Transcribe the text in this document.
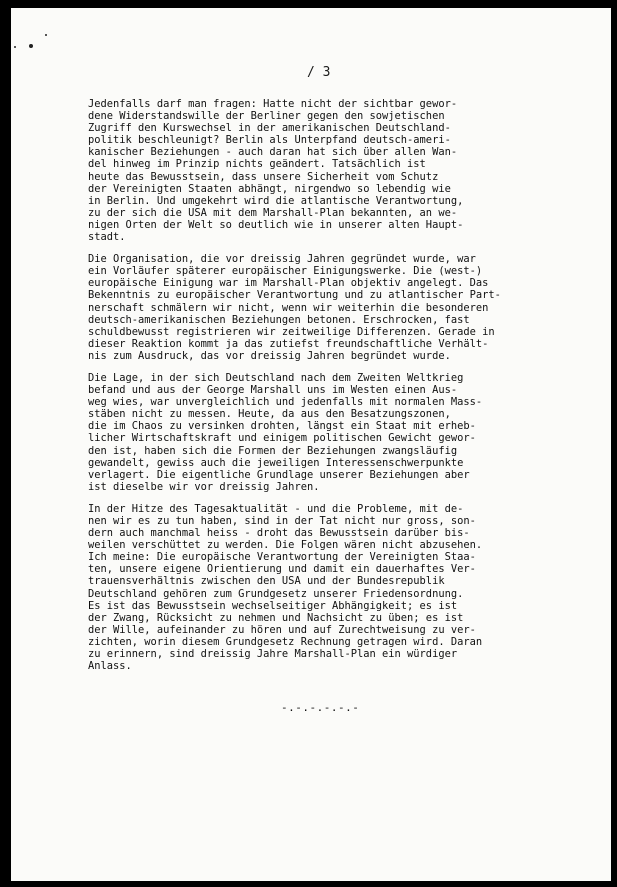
/ 3
Jedenfalls darf man fragen: Hatte nicht der sichtbar gewor-
dene Widerstandswille der Berliner gegen den sowjetischen
Zugriff den Kurswechsel in der amerikanischen Deutschland-
politik beschleunigt? Berlin als Unterpfand deutsch-ameri-
kanischer Beziehungen - auch daran hat sich über allen Wan-
del hinweg im Prinzip nichts geändert. Tatsächlich ist
heute das Bewusstsein, dass unsere Sicherheit vom Schutz
der Vereinigten Staaten abhängt, nirgendwo so lebendig wie
in Berlin. Und umgekehrt wird die atlantische Verantwortung,
zu der sich die USA mit dem Marshall-Plan bekannten, an we-
nigen Orten der Welt so deutlich wie in unserer alten Haupt-
stadt.
Die Organisation, die vor dreissig Jahren gegründet wurde, war
ein Vorläufer späterer europäischer Einigungswerke. Die (west-)
europäische Einigung war im Marshall-Plan objektiv angelegt. Das
Bekenntnis zu europäischer Verantwortung und zu atlantischer Part-
nerschaft schmälern wir nicht, wenn wir weiterhin die besonderen
deutsch-amerikanischen Beziehungen betonen. Erschrocken, fast
schuldbewusst registrieren wir zeitweilige Differenzen. Gerade in
dieser Reaktion kommt ja das zutiefst freundschaftliche Verhält-
nis zum Ausdruck, das vor dreissig Jahren begründet wurde.
Die Lage, in der sich Deutschland nach dem Zweiten Weltkrieg
befand und aus der George Marshall uns im Westen einen Aus-
weg wies, war unvergleichlich und jedenfalls mit normalen Mass-
stäben nicht zu messen. Heute, da aus den Besatzungszonen,
die im Chaos zu versinken drohten, längst ein Staat mit erheb-
licher Wirtschaftskraft und einigem politischen Gewicht gewor-
den ist, haben sich die Formen der Beziehungen zwangsläufig
gewandelt, gewiss auch die jeweiligen Interessenschwerpunkte
verlagert. Die eigentliche Grundlage unserer Beziehungen aber
ist dieselbe wir vor dreissig Jahren.
In der Hitze des Tagesaktualität - und die Probleme, mit de-
nen wir es zu tun haben, sind in der Tat nicht nur gross, son-
dern auch manchmal heiss - droht das Bewusstsein darüber bis-
weilen verschüttet zu werden. Die Folgen wären nicht abzusehen.
Ich meine: Die europäische Verantwortung der Vereinigten Staa-
ten, unsere eigene Orientierung und damit ein dauerhaftes Ver-
trauensverhältnis zwischen den USA und der Bundesrepublik
Deutschland gehören zum Grundgesetz unserer Friedensordnung.
Es ist das Bewusstsein wechselseitiger Abhängigkeit; es ist
der Zwang, Rücksicht zu nehmen und Nachsicht zu üben; es ist
der Wille, aufeinander zu hören und auf Zurechtweisung zu ver-
zichten, worin diesem Grundgesetz Rechnung getragen wird. Daran
zu erinnern, sind dreissig Jahre Marshall-Plan ein würdiger
Anlass.
-.-.-.-.-.-
